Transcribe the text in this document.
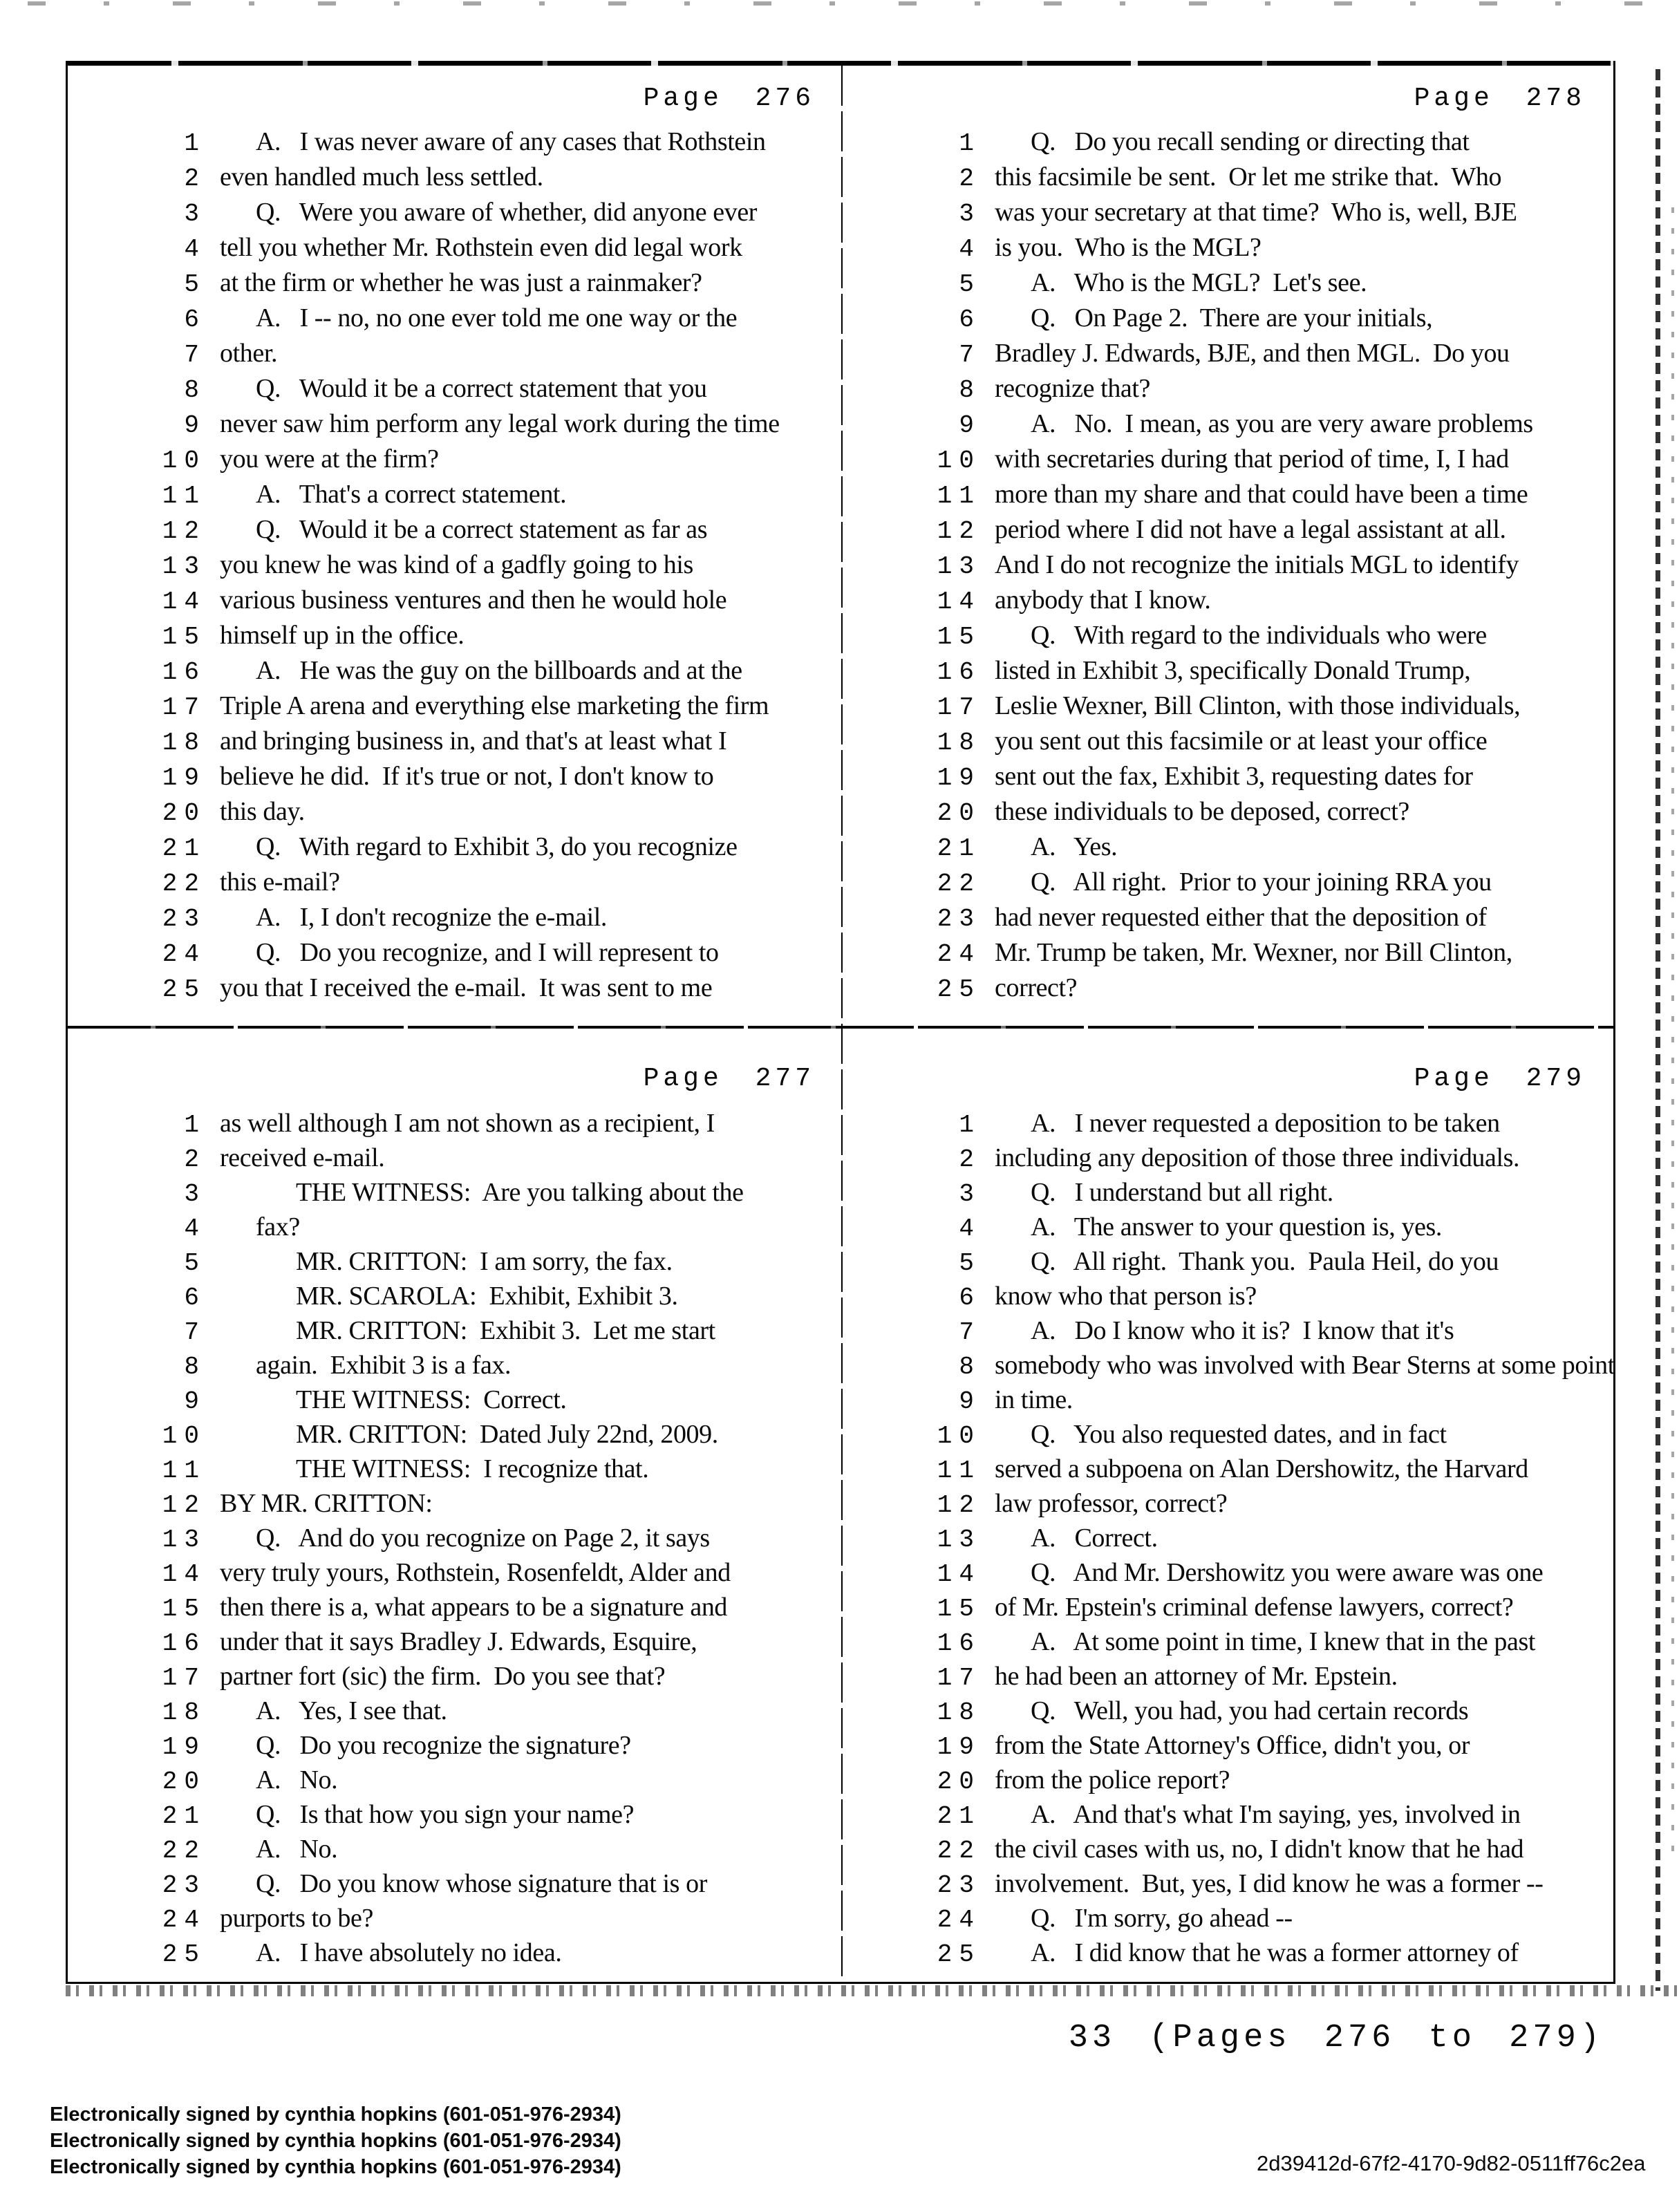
Page 276
1	A.   I was never aware of any cases that Rothstein
2 even handled much less settled.
3	Q.   Were you aware of whether, did anyone ever
4 tell you whether Mr. Rothstein even did legal work
5 at the firm or whether he was just a rainmaker?
6	A.   I -- no, no one ever told me one way or the
7 other.
8	Q.   Would it be a correct statement that you
9 never saw him perform any legal work during the time
10 you were at the firm?
11	A.   That's a correct statement.
12	Q.   Would it be a correct statement as far as
13 you knew he was kind of a gadfly going to his
14 various business ventures and then he would hole
15 himself up in the office.
16	A.   He was the guy on the billboards and at the
17 Triple A arena and everything else marketing the firm
18 and bringing business in, and that's at least what I
19 believe he did.  If it's true or not, I don't know to
20 this day.
21	Q.   With regard to Exhibit 3, do you recognize
22 this e-mail?
23	A.   I, I don't recognize the e-mail.
24	Q.   Do you recognize, and I will represent to
25 you that I received the e-mail.  It was sent to me
Page 278
1	Q.   Do you recall sending or directing that
2 this facsimile be sent.  Or let me strike that.  Who
3 was your secretary at that time?  Who is, well, BJE
4 is you.  Who is the MGL?
5	A.   Who is the MGL?  Let's see.
6	Q.   On Page 2.  There are your initials,
7 Bradley J. Edwards, BJE, and then MGL.  Do you
8 recognize that?
9	A.   No.  I mean, as you are very aware problems
10 with secretaries during that period of time, I, I had
11 more than my share and that could have been a time
12 period where I did not have a legal assistant at all.
13 And I do not recognize the initials MGL to identify
14 anybody that I know.
15	Q.   With regard to the individuals who were
16 listed in Exhibit 3, specifically Donald Trump,
17 Leslie Wexner, Bill Clinton, with those individuals,
18 you sent out this facsimile or at least your office
19 sent out the fax, Exhibit 3, requesting dates for
20 these individuals to be deposed, correct?
21	A.   Yes.
22	Q.   All right.  Prior to your joining RRA you
23 had never requested either that the deposition of
24 Mr. Trump be taken, Mr. Wexner, nor Bill Clinton,
25 correct?
Page 277
1 as well although I am not shown as a recipient, I
2 received e-mail.
3	THE WITNESS:  Are you talking about the
4	fax?
5	MR. CRITTON:  I am sorry, the fax.
6	MR. SCAROLA:  Exhibit, Exhibit 3.
7	MR. CRITTON:  Exhibit 3.  Let me start
8	again.  Exhibit 3 is a fax.
9	THE WITNESS:  Correct.
10	MR. CRITTON:  Dated July 22nd, 2009.
11	THE WITNESS:  I recognize that.
12 BY MR. CRITTON:
13	Q.   And do you recognize on Page 2, it says
14 very truly yours, Rothstein, Rosenfeldt, Alder and
15 then there is a, what appears to be a signature and
16 under that it says Bradley J. Edwards, Esquire,
17 partner fort (sic) the firm.  Do you see that?
18	A.   Yes, I see that.
19	Q.   Do you recognize the signature?
20	A.   No.
21	Q.   Is that how you sign your name?
22	A.   No.
23	Q.   Do you know whose signature that is or
24 purports to be?
25	A.   I have absolutely no idea.
Page 279
1	A.   I never requested a deposition to be taken
2 including any deposition of those three individuals.
3	Q.   I understand but all right.
4	A.   The answer to your question is, yes.
5	Q.   All right.  Thank you.  Paula Heil, do you
6 know who that person is?
7	A.   Do I know who it is?  I know that it's
8 somebody who was involved with Bear Sterns at some point
9 in time.
10	Q.   You also requested dates, and in fact
11 served a subpoena on Alan Dershowitz, the Harvard
12 law professor, correct?
13	A.   Correct.
14	Q.   And Mr. Dershowitz you were aware was one
15 of Mr. Epstein's criminal defense lawyers, correct?
16	A.   At some point in time, I knew that in the past
17 he had been an attorney of Mr. Epstein.
18	Q.   Well, you had, you had certain records
19 from the State Attorney's Office, didn't you, or
20 from the police report?
21	A.   And that's what I'm saying, yes, involved in
22 the civil cases with us, no, I didn't know that he had
23 involvement.  But, yes, I did know he was a former --
24	Q.   I'm sorry, go ahead --
25	A.   I did know that he was a former attorney of
33 (Pages 276 to 279)
Electronically signed by cynthia hopkins (601-051-976-2934)
Electronically signed by cynthia hopkins (601-051-976-2934)
Electronically signed by cynthia hopkins (601-051-976-2934)	2d39412d-67f2-4170-9d82-0511ff76c2ea
